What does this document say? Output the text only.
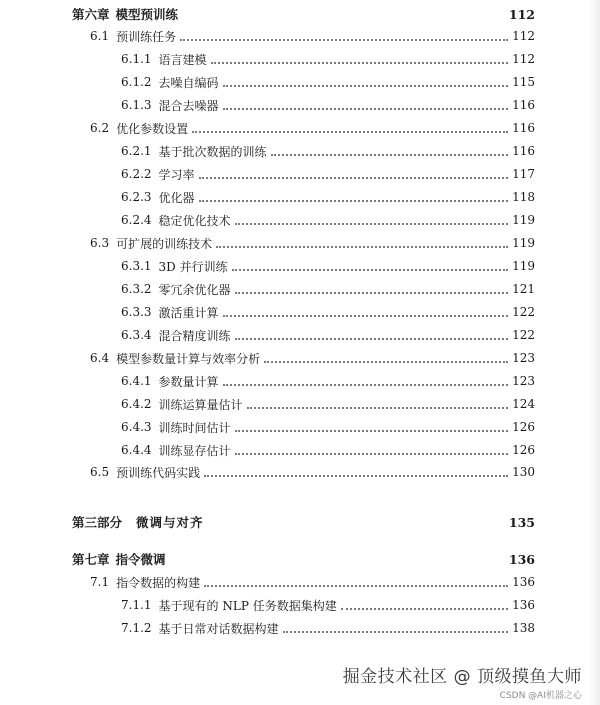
第六章 模型预训练	112
6.1 预训练任务	112
6.1.1 语言建模	112
6.1.2 去噪自编码	115
6.1.3 混合去噪器	116
6.2 优化参数设置	116
6.2.1 基于批次数据的训练	116
6.2.2 学习率	117
6.2.3 优化器	118
6.2.4 稳定优化技术	119
6.3 可扩展的训练技术	119
6.3.1 3D 并行训练	119
6.3.2 零冗余优化器	121
6.3.3 激活重计算	122
6.3.4 混合精度训练	122
6.4 模型参数量计算与效率分析	123
6.4.1 参数量计算	123
6.4.2 训练运算量估计	124
6.4.3 训练时间估计	126
6.4.4 训练显存估计	126
6.5 预训练代码实践	130
第三部分 微调与对齐	135
第七章 指令微调	136
7.1 指令数据的构建	136
7.1.1 基于现有的 NLP 任务数据集构建	136
7.1.2 基于日常对话数据构建	138
掘金技术社区 @ 顶级摸鱼大师
CSDN @AI机器之心
